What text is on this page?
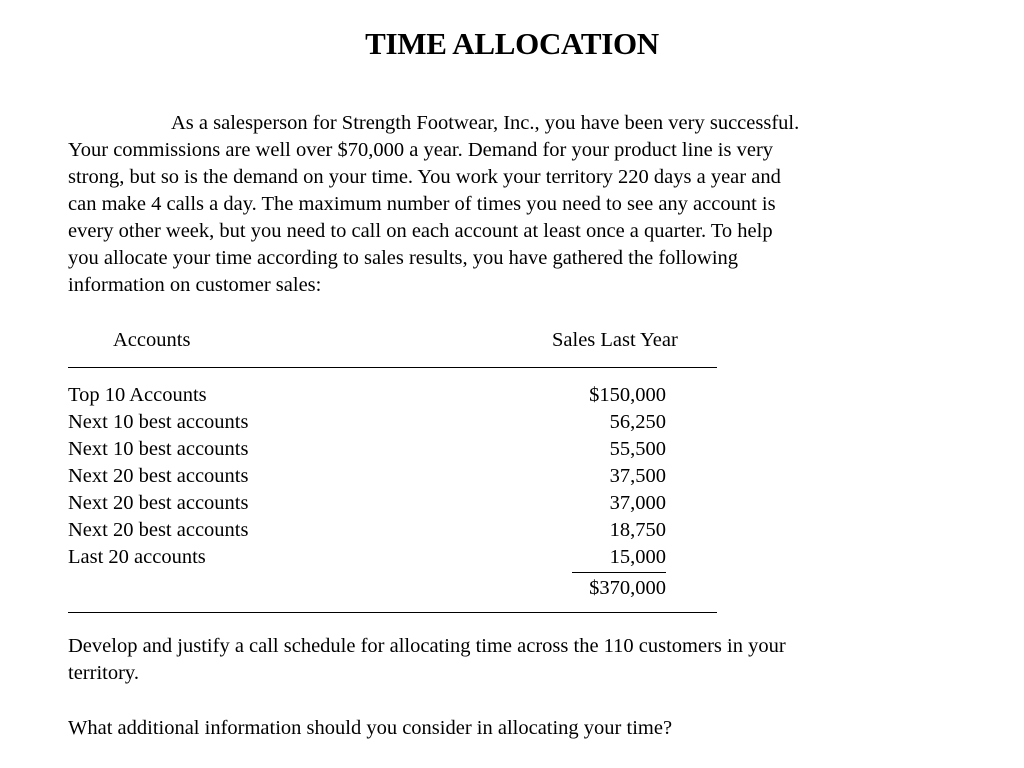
TIME ALLOCATION
As a salesperson for Strength Footwear, Inc., you have been very successful.
Your commissions are well over $70,000 a year. Demand for your product line is very
strong, but so is the demand on your time. You work your territory 220 days a year and
can make 4 calls a day. The maximum number of times you need to see any account is
every other week, but you need to call on each account at least once a quarter. To help
you allocate your time according to sales results, you have gathered the following
information on customer sales:
Accounts	Sales Last Year
Top 10 Accounts	$150,000
Next 10 best accounts	56,250
Next 10 best accounts	55,500
Next 20 best accounts	37,500
Next 20 best accounts	37,000
Next 20 best accounts	18,750
Last 20 accounts	15,000
$370,000
Develop and justify a call schedule for allocating time across the 110 customers in your
territory.
What additional information should you consider in allocating your time?
